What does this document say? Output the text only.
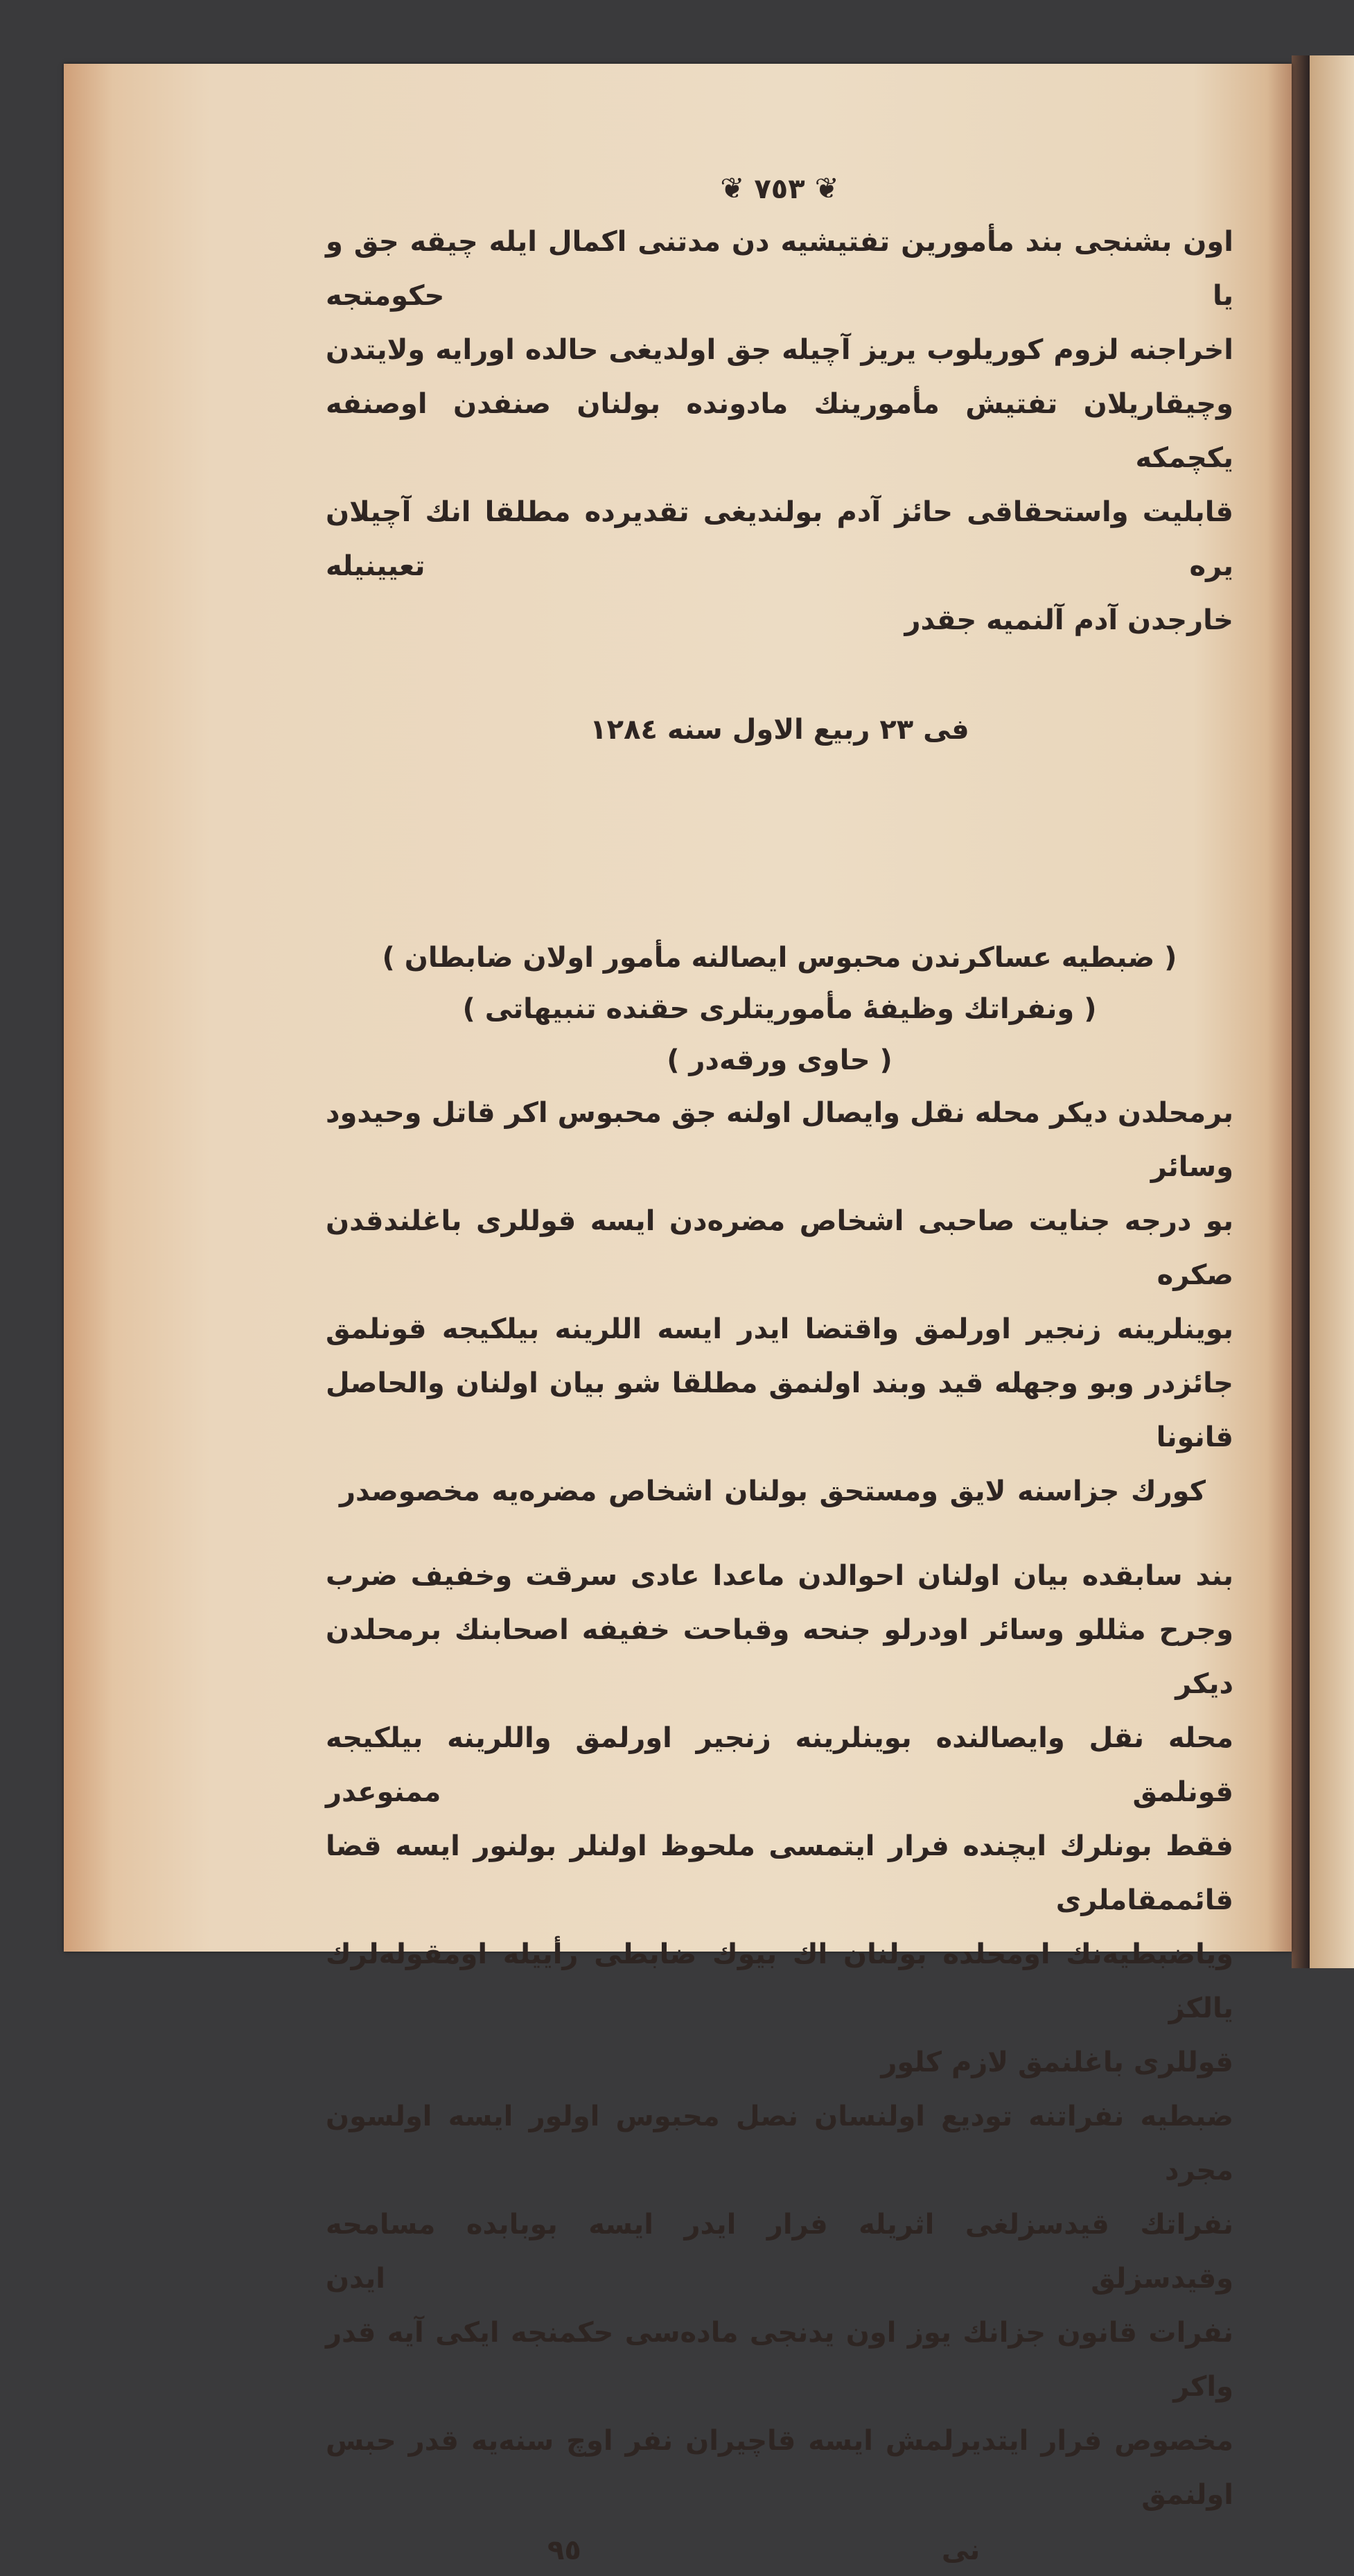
❦ ٧٥٣ ❦
اون بشنجی بند مأمورین تفتیشیه دن مدتنی اکمال ایله چیقه جق و یا حکومتجه
اخراجنه لزوم کوریلوب یریز آچیله جق اولدیغی حالده اورایه ولایتدن
وچیقاریلان تفتیش مأمورینك مادونده بولنان صنفدن اوصنفه یکچمکه
قابلیت واستحقاقی حائز آدم بولندیغی تقدیرده مطلقا انك آچیلان یره تعیینیله
خارجدن آدم آلنمیه جقدر
فی ٢٣ ربیع الاول سنه ١٢٨٤
( ضبطیه عساکرندن محبوس ایصالنه مأمور اولان ضابطان )
( ونفراتك وظیفهٔ مأموریتلری حقنده تنبیهاتی )
( حاوی ورقه‌در )
برمحلدن دیکر محله نقل وایصال اولنه جق محبوس اکر قاتل وحیدود وسائر
بو درجه جنایت صاحبی اشخاص مضره‌دن ایسه قوللری باغلندقدن صکره
بوینلرینه زنجیر اورلمق واقتضا ایدر ایسه اللرینه بیلکیجه قونلمق
جائزدر وبو وجهله قید وبند اولنمق مطلقا شو بیان اولنان والحاصل قانونا
کورك جزاسنه لایق ومستحق بولنان اشخاص مضره‌یه مخصوصدر
بند سابقده بیان اولنان احوالدن ماعدا عادی سرقت وخفیف ضرب
وجرح مثللو وسائر اودرلو جنحه وقباحت خفیفه اصحابنك برمحلدن دیکر
محله نقل وایصالنده بوینلرینه زنجیر اورلمق واللرینه بیلکیجه قونلمق ممنوعدر
فقط بونلرك ایچنده فرار ایتمسی ملحوظ اولنلر بولنور ایسه قضا قائممقاملری
ویاضبطیه‌نك اومحلده بولنان اك بیوك ضابطی رأییله اومقوله‌لرك یالکز
قوللری باغلنمق لازم کلور
ضبطیه نفراتنه تودیع اولنسان نصل محبوس اولور ایسه اولسون مجرد
نفراتك قیدسزلغی اثریله فرار ایدر ایسه بوبابده مسامحه وقیدسزلق ایدن
نفرات قانون جزانك یوز اون یدنجی ماده‌سی حکمنجه ایکی آیه قدر واکر
مخصوص فرار ایتدیرلمش ایسه قاچیران نفر اوچ سنه‌یه قدر حبس اولنمق
٩٥	نی
